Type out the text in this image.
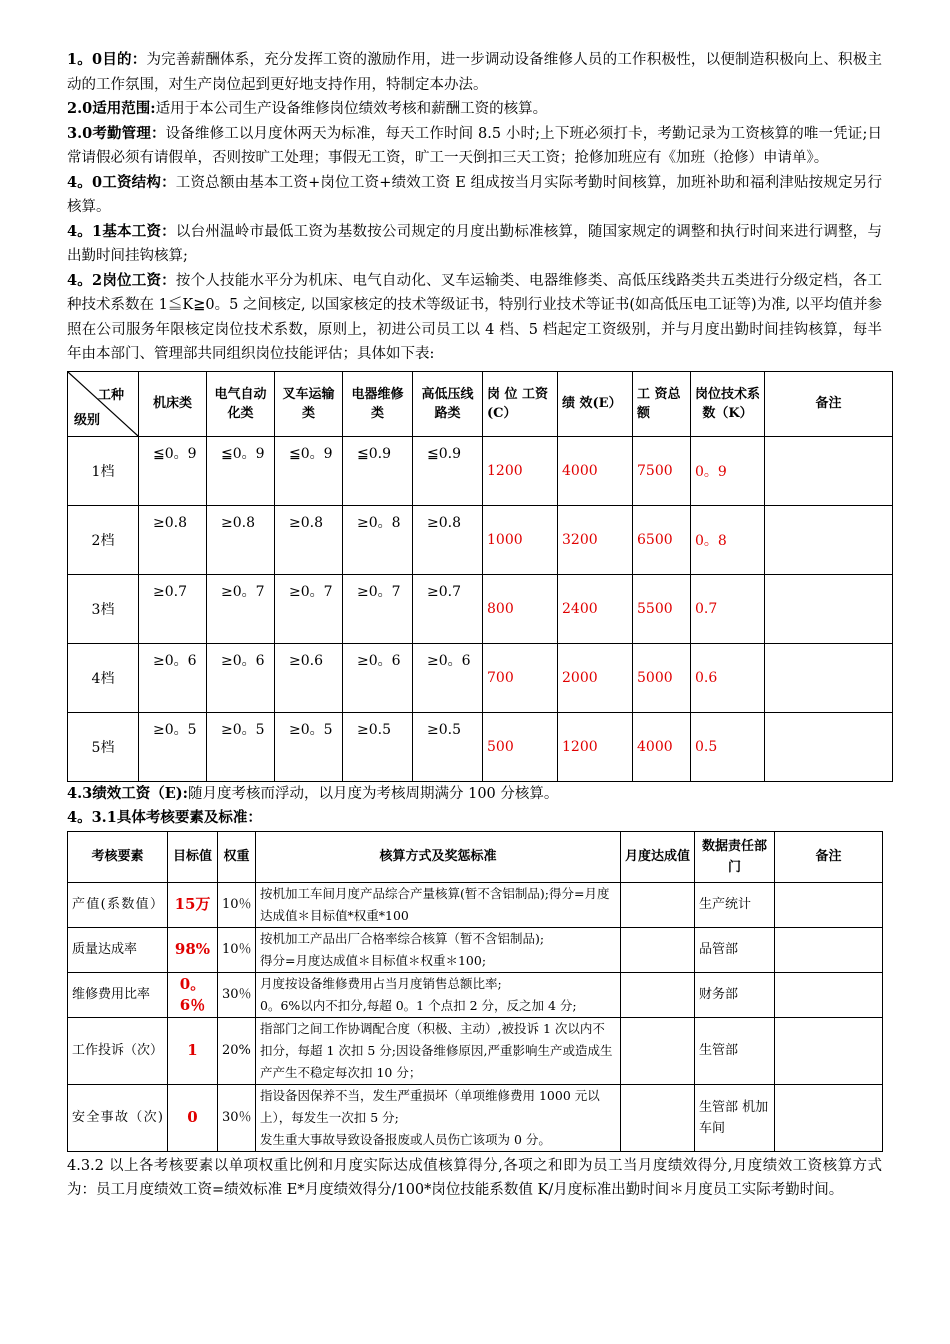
1。0目的：为完善薪酬体系，充分发挥工资的激励作用，进一步调动设备维修人员的工作积极性，以便制造积极向上、积极主动的工作氛围，对生产岗位起到更好地支持作用，特制定本办法。

2.0适用范围:适用于本公司生产设备维修岗位绩效考核和薪酬工资的核算。

3.0考勤管理：设备维修工以月度休两天为标准，每天工作时间 8.5 小时;上下班必须打卡，考勤记录为工资核算的唯一凭证;日常请假必须有请假单，否则按旷工处理；事假无工资，旷工一天倒扣三天工资；抢修加班应有《加班（抢修）申请单》。

4。0工资结构：工资总额由基本工资+岗位工资+绩效工资 E 组成按当月实际考勤时间核算，加班补助和福利津贴按规定另行核算。

4。1基本工资：以台州温岭市最低工资为基数按公司规定的月度出勤标准核算，随国家规定的调整和执行时间来进行调整，与出勤时间挂钩核算;

4。2岗位工资：按个人技能水平分为机床、电气自动化、叉车运输类、电器维修类、高低压线路类共五类进行分级定档，各工种技术系数在 1≦K≧0。5 之间核定, 以国家核定的技术等级证书，特别行业技术等证书(如高低压电工证等)为准, 以平均值并参照在公司服务年限核定岗位技术系数，原则上，初进公司员工以 4 档、5 档起定工资级别，并与月度出勤时间挂钩核算，每半年由本部门、管理部共同组织岗位技能评估；具体如下表:

工种
级别	机床类	电气自动化类	叉车运输类	电器维修类	高低压线路类	岗 位 工资(C）	绩 效(E）	工 资总额	岗位技术系 数（K）	备注
1档	≦0。9	≦0。9	≦0。9	≦0.9	≦0.9	1200	4000	7500	0。9	
2档	≥0.8	≥0.8	≥0.8	≥0。8	≥0.8	1000	3200	6500	0。8	
3档	≥0.7	≥0。7	≥0。7	≥0。7	≥0.7	800	2400	5500	0.7	
4档	≥0。6	≥0。6	≥0.6	≥0。6	≥0。6	700	2000	5000	0.6	
5档	≥0。5	≥0。5	≥0。5	≥0.5	≥0.5	500	1200	4000	0.5	

4.3绩效工资（E):随月度考核而浮动，以月度为考核周期满分 100 分核算。

4。3.1具体考核要素及标准：

考核要素	目标值	权重	核算方式及奖惩标准	月度达成值	数据责任部门	备注
产值(系数值）	15万	10％	按机加工车间月度产品综合产量核算(暂不含铝制品);得分=月度达成值＊目标值*权重*100		生产统计	
质量达成率	98%	10％	按机加工产品出厂合格率综合核算（暂不含铝制品);
得分=月度达成值＊目标值＊权重＊100;		品管部	
维修费用比率	0。6％	30％	月度按设备维修费用占当月度销售总额比率;
0。6%以内不扣分,每超 0。1 个点扣 2 分，反之加 4 分;		财务部	
工作投诉（次）	1	20%	指部门之间工作协调配合度（积极、主动）,被投诉 1 次以内不扣分，每超 1 次扣 5 分;因设备维修原因,严重影响生产或造成生产产生不稳定每次扣 10 分；		生管部	
安全事故（次)	0	30％	指设备因保养不当，发生严重损坏（单项维修费用 1000 元以上），每发生一次扣 5 分;
发生重大事故导致设备报废或人员伤亡该项为 0 分。		生管部 机加车间	

4.3.2 以上各考核要素以单项权重比例和月度实际达成值核算得分,各项之和即为员工当月度绩效得分,月度绩效工资核算方式为：员工月度绩效工资=绩效标准 E*月度绩效得分/100*岗位技能系数值 K/月度标准出勤时间＊月度员工实际考勤时间。
